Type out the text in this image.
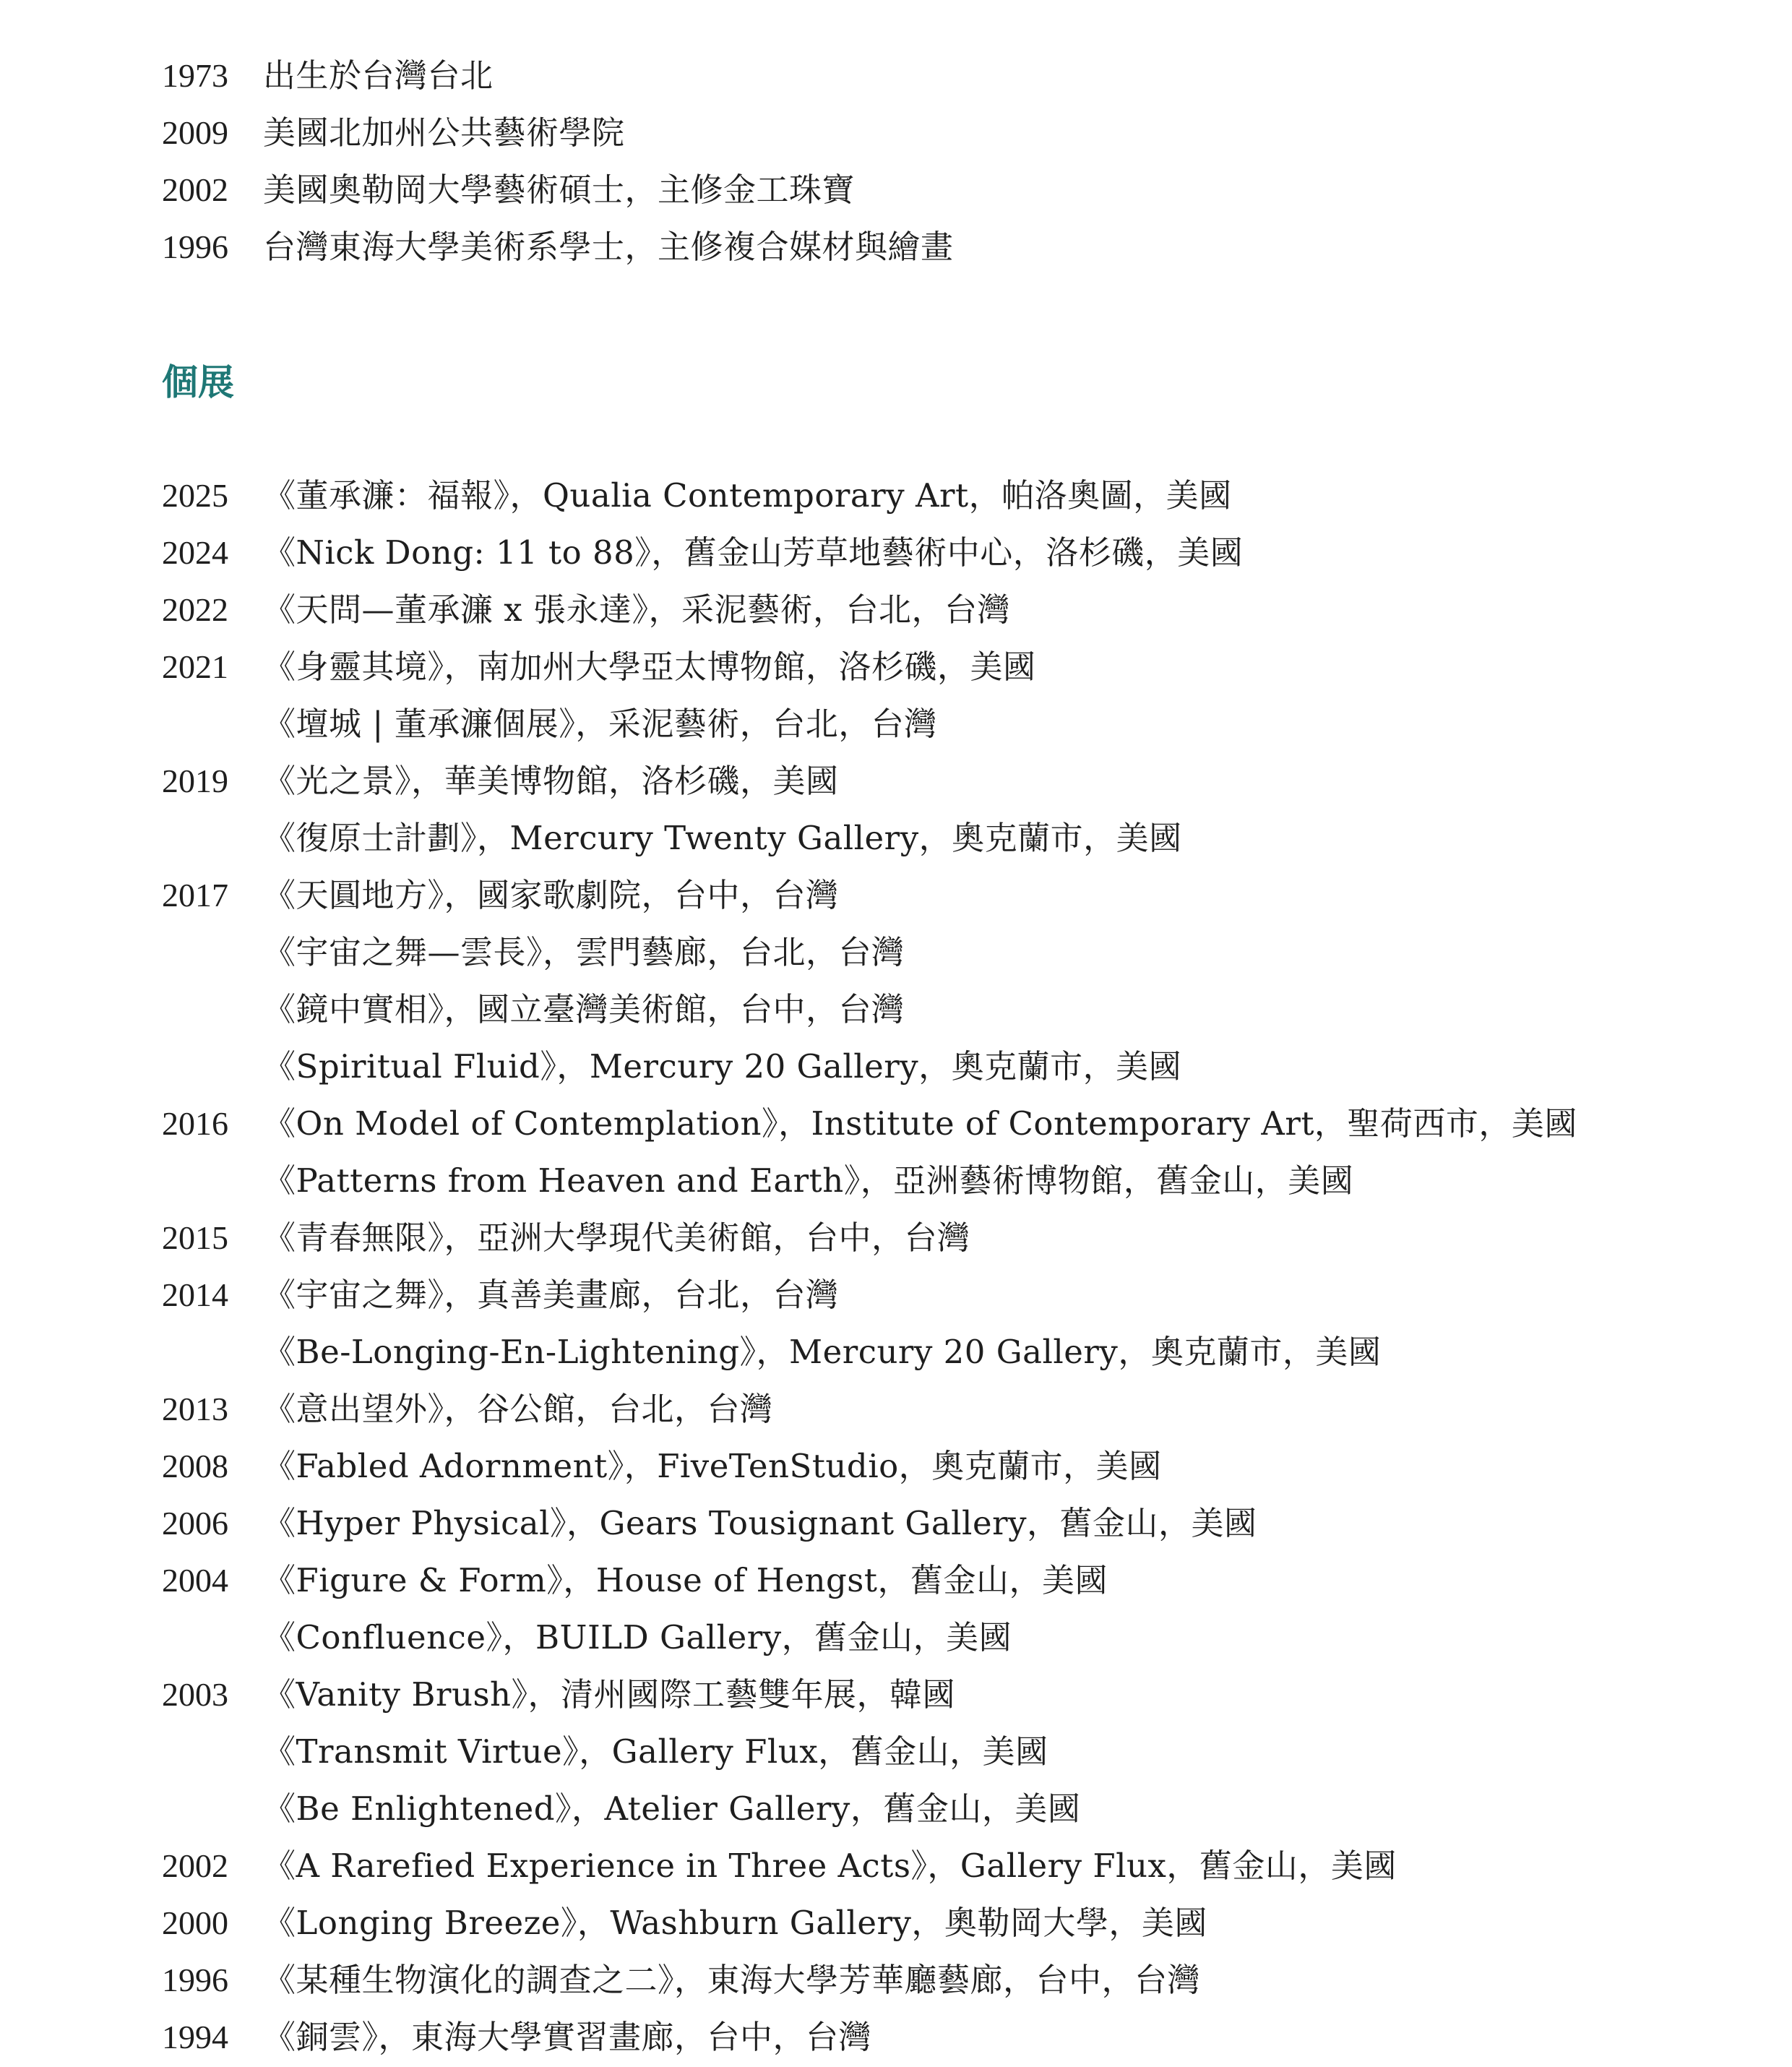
1973	出生於台灣台北
2009	美國北加州公共藝術學院
2002	美國奧勒岡大學藝術碩士，主修金工珠寶
1996	台灣東海大學美術系學士，主修複合媒材與繪畫
個展
2025	《董承濂：福報》，Qualia Contemporary Art，帕洛奧圖，美國
2024	《Nick Dong: 11 to 88》，舊金山芳草地藝術中心，洛杉磯，美國
2022	《天問—董承濂 x 張永達》，采泥藝術，台北，台灣
2021	《身靈其境》，南加州大學亞太博物館，洛杉磯，美國
《壇城 | 董承濂個展》，采泥藝術，台北，台灣
2019	《光之景》，華美博物館，洛杉磯，美國
《復原士計劃》，Mercury Twenty Gallery，奧克蘭市，美國
2017	《天圓地方》，國家歌劇院，台中，台灣
《宇宙之舞—雲長》，雲門藝廊，台北，台灣
《鏡中實相》，國立臺灣美術館，台中，台灣
《Spiritual Fluid》，Mercury 20 Gallery，奧克蘭市，美國
2016	《On Model of Contemplation》，Institute of Contemporary Art，聖荷西市，美國
《Patterns from Heaven and Earth》，亞洲藝術博物館，舊金山，美國
2015	《青春無限》，亞洲大學現代美術館，台中，台灣
2014	《宇宙之舞》，真善美畫廊，台北，台灣
《Be-Longing-En-Lightening》，Mercury 20 Gallery，奧克蘭市，美國
2013	《意出望外》，谷公館，台北，台灣
2008	《Fabled Adornment》，FiveTenStudio，奧克蘭市，美國
2006	《Hyper Physical》，Gears Tousignant Gallery，舊金山，美國
2004	《Figure & Form》，House of Hengst，舊金山，美國
《Confluence》，BUILD Gallery，舊金山，美國
2003	《Vanity Brush》，清州國際工藝雙年展，韓國
《Transmit Virtue》，Gallery Flux，舊金山，美國
《Be Enlightened》，Atelier Gallery，舊金山，美國
2002	《A Rarefied Experience in Three Acts》，Gallery Flux，舊金山，美國
2000	《Longing Breeze》，Washburn Gallery，奧勒岡大學，美國
1996	《某種生物演化的調查之二》，東海大學芳華廳藝廊，台中，台灣
1994	《銅雲》，東海大學實習畫廊，台中，台灣
